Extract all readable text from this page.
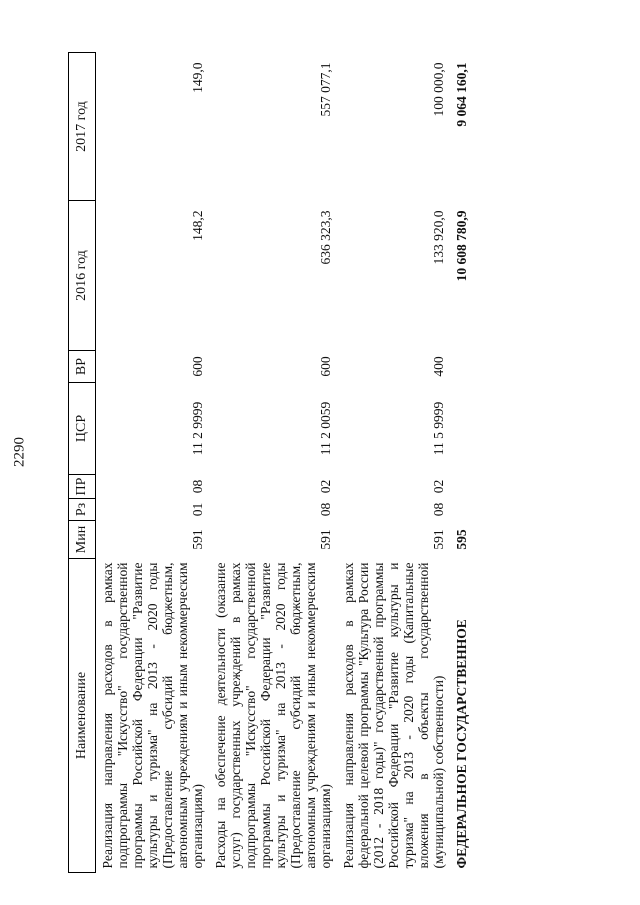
2290
Наименование	Мин	Рз	ПР	ЦСР	ВР	2016 год	2017 год
Реализация направления расходов в рамках подпрограммы "Искусство" государственной программы Российской Федерации "Развитие культуры и туризма" на 2013 - 2020 годы (Предоставление субсидий бюджетным, автономным учреждениям и иным некоммерческим организациям)	591	01	08	11 2 9999	600	148,2	149,0
Расходы на обеспечение деятельности (оказание услуг) государственных учреждений в рамках подпрограммы "Искусство" государственной программы Российской Федерации "Развитие культуры и туризма" на 2013 - 2020 годы (Предоставление субсидий бюджетным, автономным учреждениям и иным некоммерческим организациям)	591	08	02	11 2 0059	600	636 323,3	557 077,1
Реализация направления расходов в рамках федеральной целевой программы "Культура России (2012 - 2018 годы)" государственной программы Российской Федерации "Развитие культуры и туризма" на 2013 - 2020 годы (Капитальные вложения в объекты государственной (муниципальной) собственности)	591	08	02	11 5 9999	400	133 920,0	100 000,0
ФЕДЕРАЛЬНОЕ ГОСУДАРСТВЕННОЕ	595					10 608 780,9	9 064 160,1
